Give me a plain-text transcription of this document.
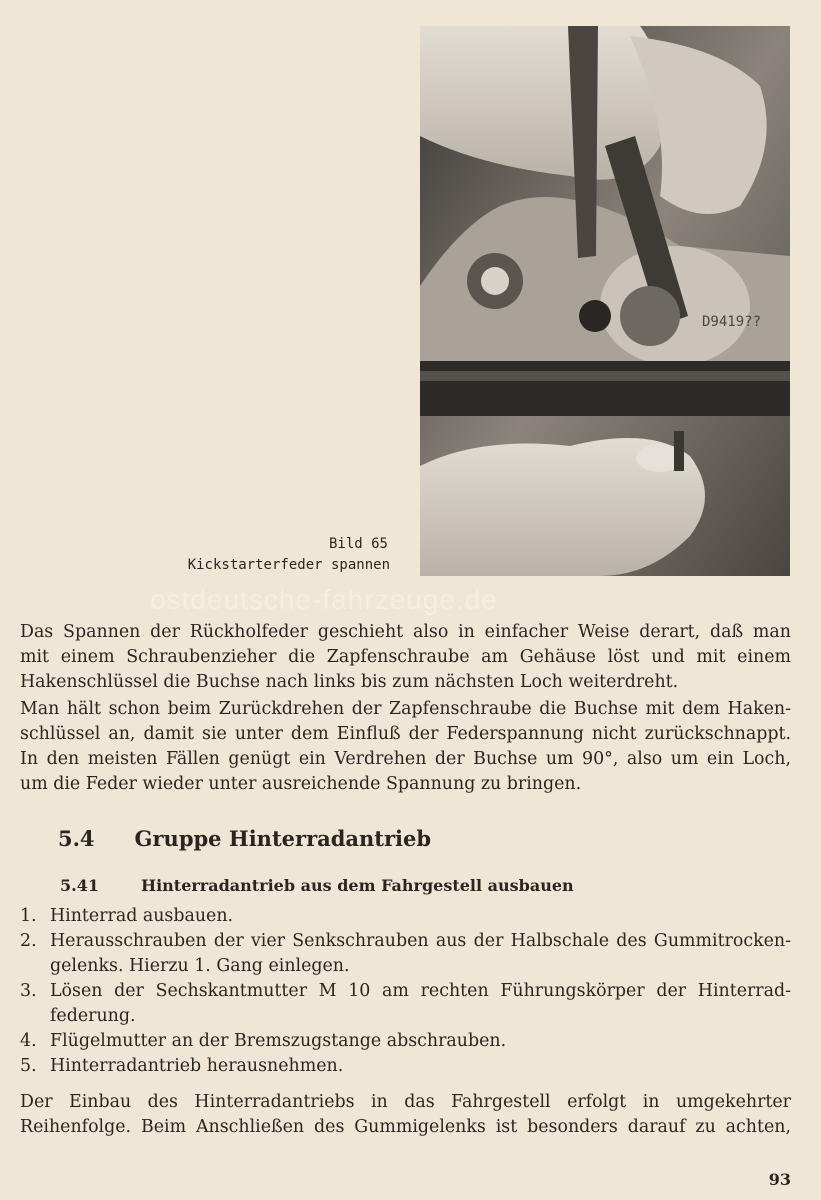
D9419??
Bild 65
Kickstarterfeder spannen
ostdeutsche-fahrzeuge.de
Das Spannen der Rückholfeder geschieht also in einfacher Weise derart, daß man
mit einem Schraubenzieher die Zapfenschraube am Gehäuse löst und mit einem
Hakenschlüssel die Buchse nach links bis zum nächsten Loch weiterdreht.
Man hält schon beim Zurückdrehen der Zapfenschraube die Buchse mit dem Haken-
schlüssel an, damit sie unter dem Einfluß der Federspannung nicht zurückschnappt.
In den meisten Fällen genügt ein Verdrehen der Buchse um 90°, also um ein Loch,
um die Feder wieder unter ausreichende Spannung zu bringen.
5.4 Gruppe Hinterradantrieb
5.41	Hinterradantrieb aus dem Fahrgestell ausbauen
1. Hinterrad ausbauen.
2. Herausschrauben der vier Senkschrauben aus der Halbschale des Gummitrocken-
gelenks. Hierzu 1. Gang einlegen.
3. Lösen der Sechskantmutter M 10 am rechten Führungskörper der Hinterrad-
federung.
4. Flügelmutter an der Bremszugstange abschrauben.
5. Hinterradantrieb herausnehmen.
Der Einbau des Hinterradantriebs in das Fahrgestell erfolgt in umgekehrter
Reihenfolge. Beim Anschließen des Gummigelenks ist besonders darauf zu achten,
93
